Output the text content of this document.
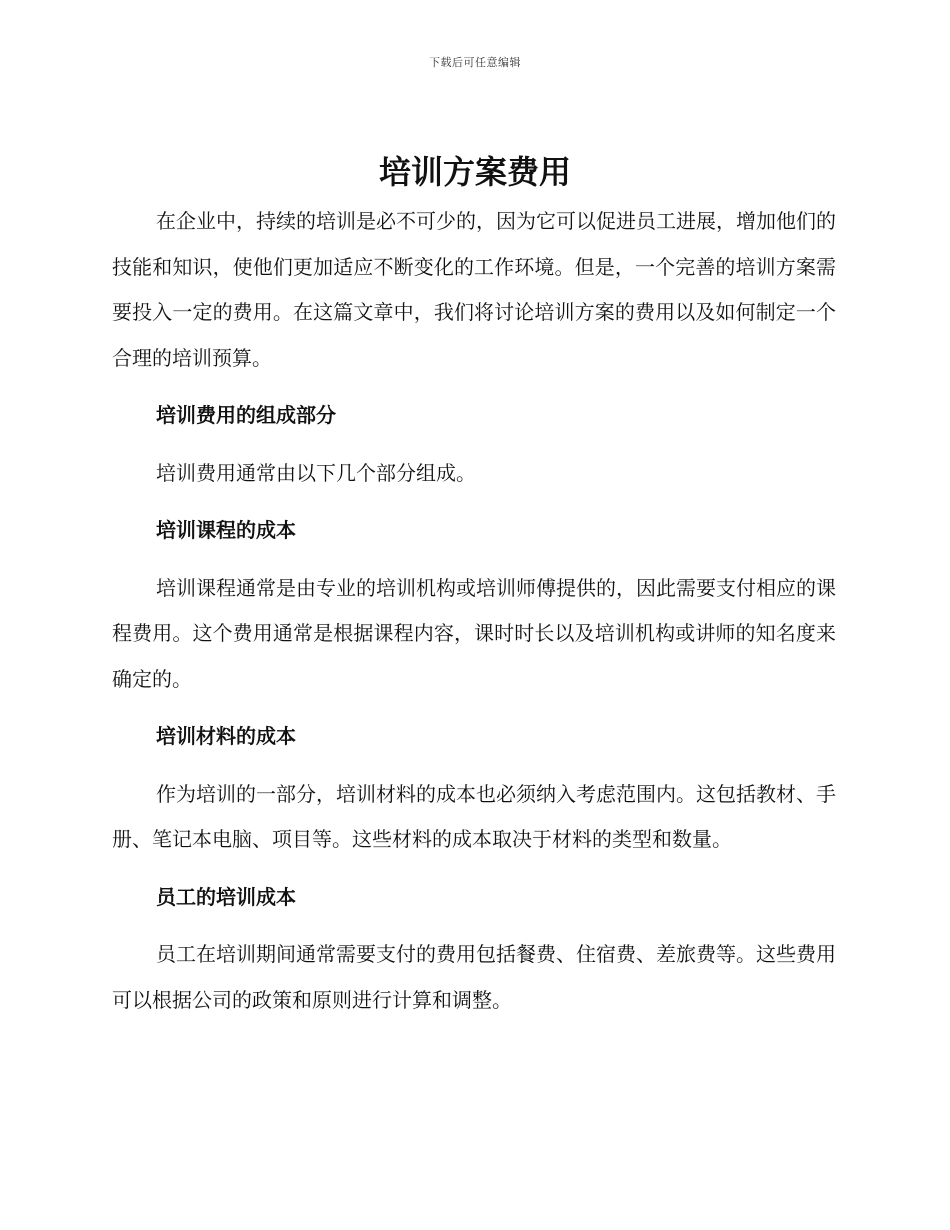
下载后可任意编辑
培训方案费用

在企业中，持续的培训是必不可少的，因为它可以促进员工进展，增加他们的技能和知识，使他们更加适应不断变化的工作环境。但是，一个完善的培训方案需要投入一定的费用。在这篇文章中，我们将讨论培训方案的费用以及如何制定一个合理的培训预算。

培训费用的组成部分

培训费用通常由以下几个部分组成。

培训课程的成本

培训课程通常是由专业的培训机构或培训师傅提供的，因此需要支付相应的课程费用。这个费用通常是根据课程内容，课时时长以及培训机构或讲师的知名度来确定的。

培训材料的成本

作为培训的一部分，培训材料的成本也必须纳入考虑范围内。这包括教材、手册、笔记本电脑、项目等。这些材料的成本取决于材料的类型和数量。

员工的培训成本

员工在培训期间通常需要支付的费用包括餐费、住宿费、差旅费等。这些费用可以根据公司的政策和原则进行计算和调整。
